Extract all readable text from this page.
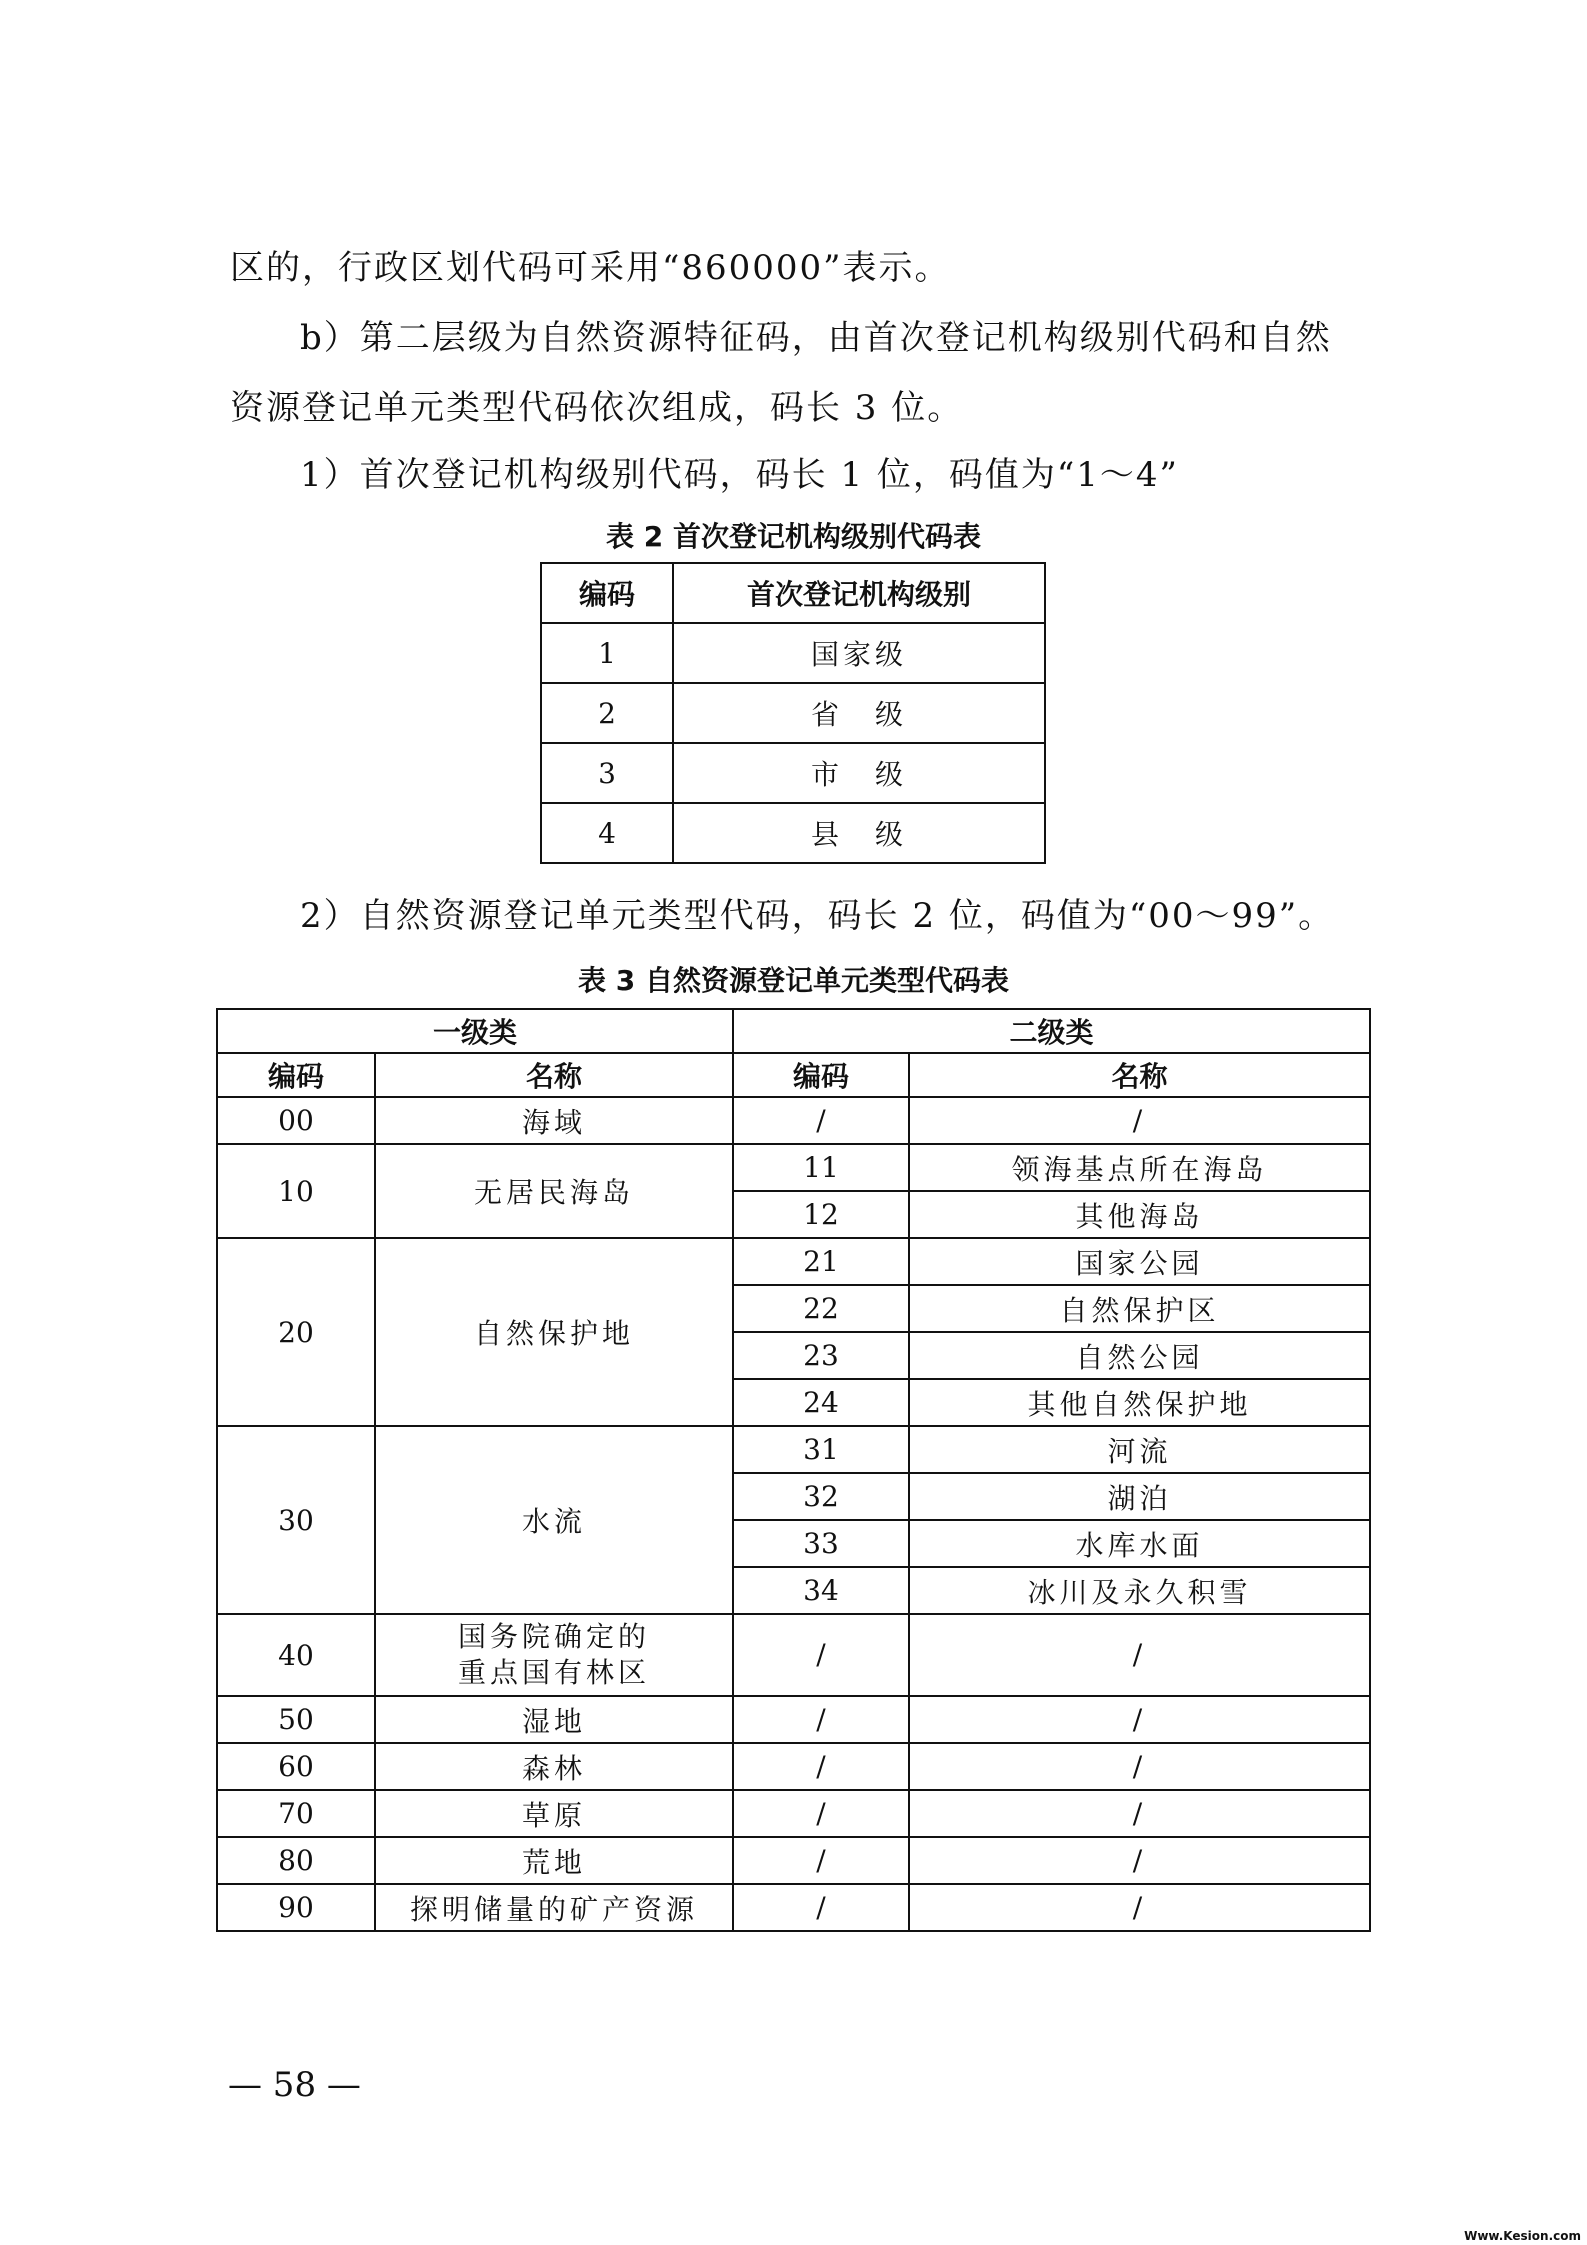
区的，行政区划代码可采用“860000”表示。
b）第二层级为自然资源特征码，由首次登记机构级别代码和自然
资源登记单元类型代码依次组成，码长 3 位。
1）首次登记机构级别代码，码长 1 位，码值为“1～4”
表 2 首次登记机构级别代码表
编码	首次登记机构级别
1	国家级
2	省　级
3	市　级
4	县　级
2）自然资源登记单元类型代码，码长 2 位，码值为“00～99”。
表 3 自然资源登记单元类型代码表
一级类		二级类	
编码	名称	编码	名称
00	海域	/	/
10	无居民海岛	11	领海基点所在海岛
		12	其他海岛
20	自然保护地	21	国家公园
		22	自然保护区
		23	自然公园
		24	其他自然保护地
30	水流	31	河流
		32	湖泊
		33	水库水面
		34	冰川及永久积雪
40	国务院确定的
重点国有林区	/	/
50	湿地	/	/
60	森林	/	/
70	草原	/	/
80	荒地	/	/
90	探明储量的矿产资源	/	/
— 58 —
Www.Kesion.com
